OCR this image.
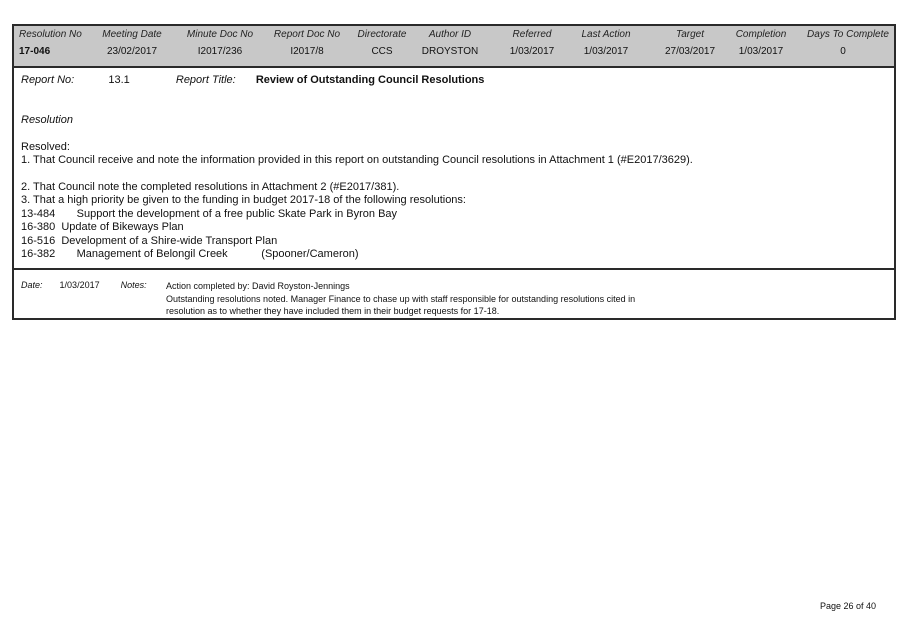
Resolution No
17-046
Meeting Date
23/02/2017
Minute Doc No
I2017/236
Report Doc No
I2017/8
Directorate
CCS
Author ID
DROYSTON
Referred
1/03/2017
Last Action
1/03/2017
Target
27/03/2017
Completion
1/03/2017
Days To Complete
0
Report No:	13.1	Report Title: Review of Outstanding Council Resolutions
Resolution
Resolved:
1. That Council receive and note the information provided in this report on outstanding Council resolutions in Attachment 1 (#E2017/3629).
2. That Council note the completed resolutions in Attachment 2 (#E2017/381).
3. That a high priority be given to the funding in budget 2017-18 of the following resolutions:
13-484       Support the development of a free public Skate Park in Byron Bay
16-380  Update of Bikeways Plan
16-516  Development of a Shire-wide Transport Plan
16-382       Management of Belongil Creek           (Spooner/Cameron)
Date: 1/03/2017 Notes: Action completed by: David Royston-Jennings
Outstanding resolutions noted. Manager Finance to chase up with staff responsible for outstanding resolutions cited in
resolution as to whether they have included them in their budget requests for 17-18.
Page 26 of 40
